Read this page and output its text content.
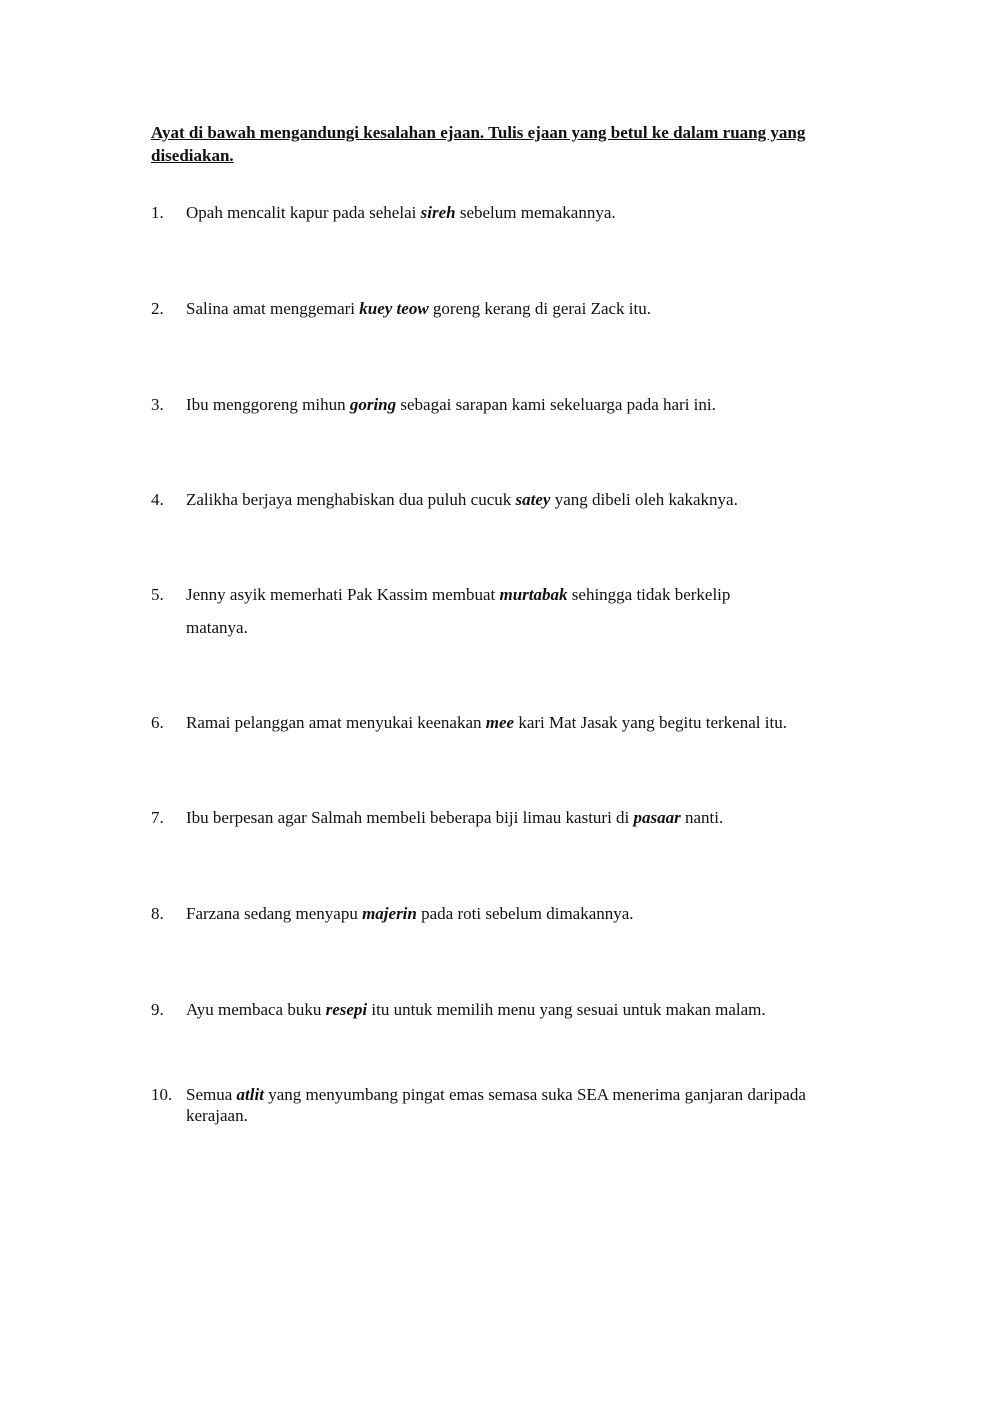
Ayat di bawah mengandungi kesalahan ejaan. Tulis ejaan yang betul ke dalam ruang yang disediakan.

1.	Opah mencalit kapur pada sehelai sireh sebelum memakannya.
2.	Salina amat menggemari kuey teow goreng kerang di gerai Zack itu.
3.	Ibu menggoreng mihun goring sebagai sarapan kami sekeluarga pada hari ini.
4.	Zalikha berjaya menghabiskan dua puluh cucuk satey yang dibeli oleh kakaknya.
5.	Jenny asyik memerhati Pak Kassim membuat murtabak sehingga tidak berkelip matanya.
6.	Ramai pelanggan amat menyukai keenakan mee kari Mat Jasak yang begitu terkenal itu.
7.	Ibu berpesan agar Salmah membeli beberapa biji limau kasturi di pasaar nanti.
8.	Farzana sedang menyapu majerin pada roti sebelum dimakannya.
9.	Ayu membaca buku resepi itu untuk memilih menu yang sesuai untuk makan malam.
10. Semua atlit yang menyumbang pingat emas semasa suka SEA menerima ganjaran daripada kerajaan.
